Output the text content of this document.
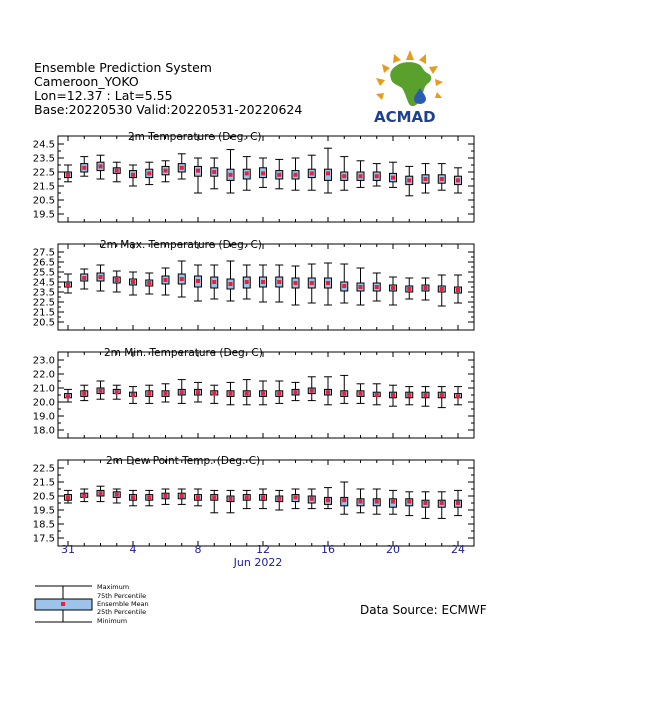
Ensemble Prediction System
Cameroon_YOKO
Lon=12.37 : Lat=5.55
Base:20220530 Valid:20220531-20220624	ACMAD
2m Temperature (Deg. C)
19.5
20.5
21.5
22.5
23.5
24.5
2m Max. Temperature (Deg. C)
20.5
21.5
22.5
23.5
24.5
25.5
26.5
27.5
2m Min. Temperature (Deg. C)
18.0
19.0
20.0
21.0
22.0
23.0
2m Dew Point Temp. (Deg. C)
17.5
18.5
19.5
20.5
21.5
22.5
31	4	8	12	16	20	24
Jun 2022
Maximum
75th Percentile
Ensemble Mean
25th Percentile
Minimum
Data Source: ECMWF
